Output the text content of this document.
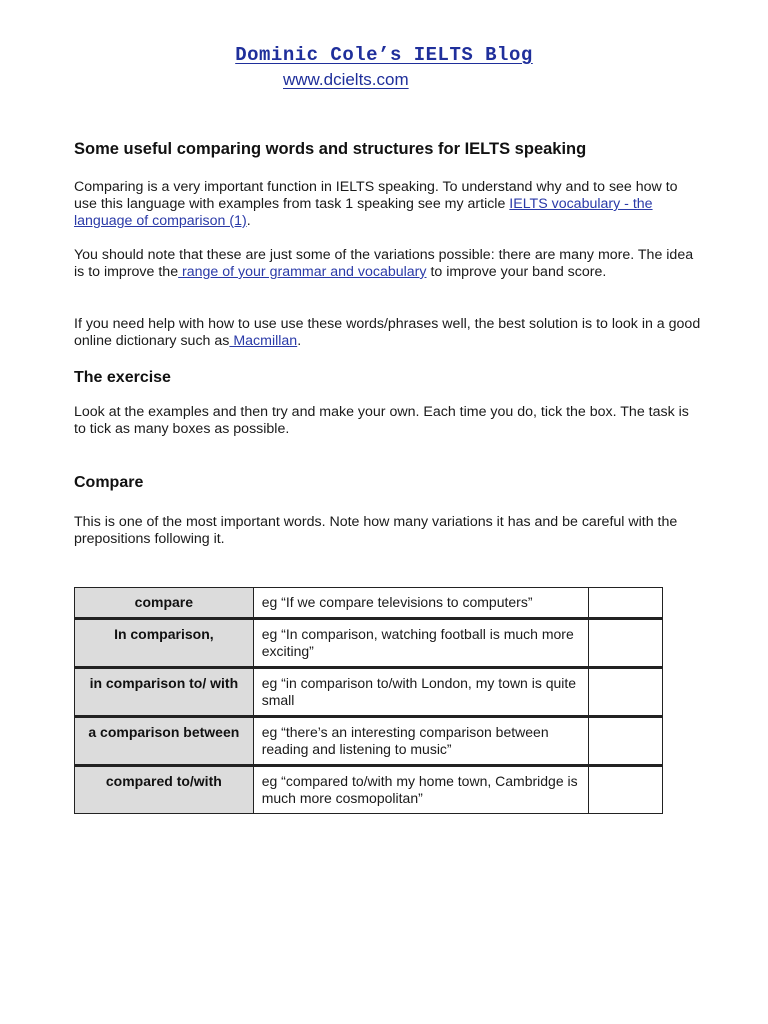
Dominic Cole’s IELTS Blog
www.dcielts.com
Some useful comparing words and structures for IELTS speaking
Comparing is a very important function in IELTS speaking. To understand why and to see how to use this language with examples from task 1 speaking see my article IELTS vocabulary - the language of comparison (1).
You should note that these are just some of the variations possible: there are many more. The idea is to improve the range of your grammar and vocabulary to improve your band score.
If you need help with how to use use these words/phrases well, the best solution is to look in a good online dictionary such as Macmillan.
The exercise
Look at the examples and then try and make your own. Each time you do, tick the box. The task is to tick as many boxes as possible.
Compare
This is one of the most important words. Note how many variations it has and be careful with the prepositions following it.
compare	eg “If we compare televisions to computers”	
In comparison,	eg “In comparison, watching football is much more exciting”	
in comparison to/ with	eg “in comparison to/with London, my town is quite small	
a comparison between	eg “there’s an interesting comparison between reading and listening to music”	
compared to/with	eg “compared to/with my home town, Cambridge is much more cosmopolitan”	
